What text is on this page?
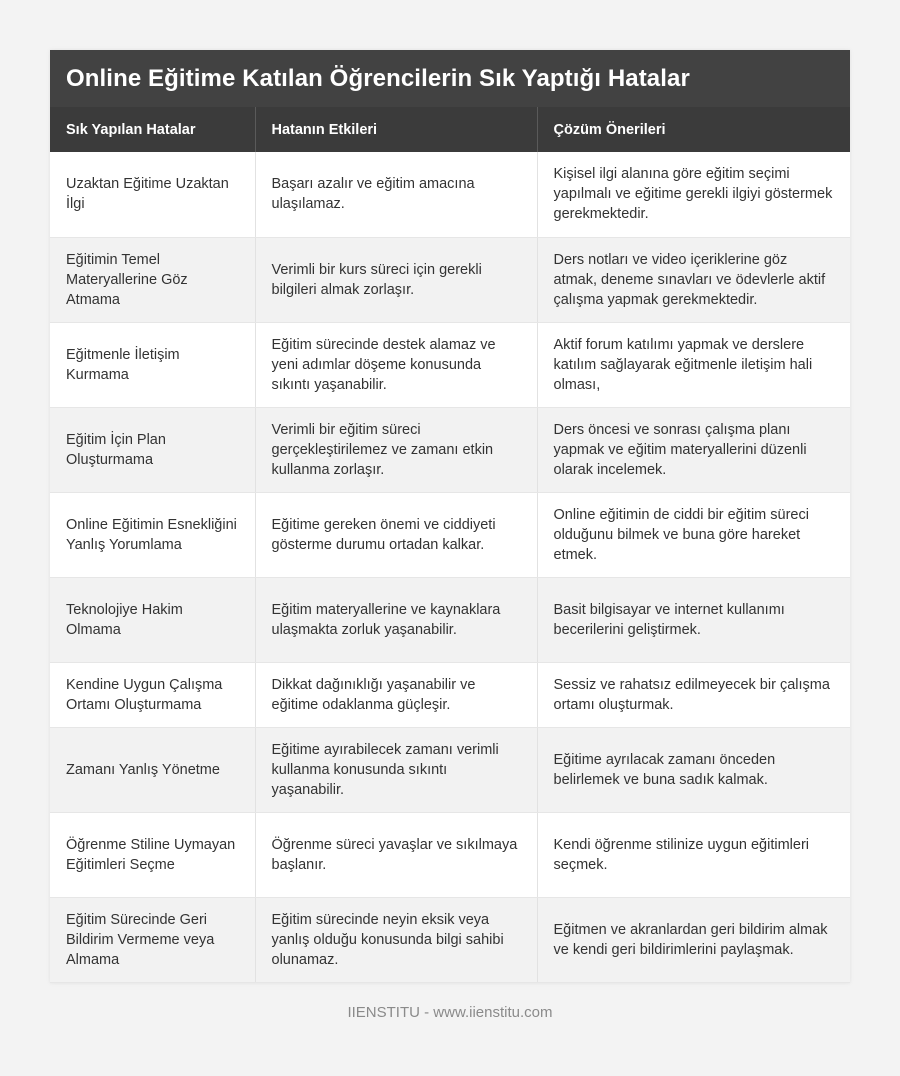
Online Eğitime Katılan Öğrencilerin Sık Yaptığı Hatalar
Sık Yapılan Hatalar	Hatanın Etkileri	Çözüm Önerileri
Uzaktan Eğitime Uzaktan İlgi	Başarı azalır ve eğitim amacına ulaşılamaz.	Kişisel ilgi alanına göre eğitim seçimi yapılmalı ve eğitime gerekli ilgiyi göstermek gerekmektedir.
Eğitimin Temel Materyallerine Göz Atmama	Verimli bir kurs süreci için gerekli bilgileri almak zorlaşır.	Ders notları ve video içeriklerine göz atmak, deneme sınavları ve ödevlerle aktif çalışma yapmak gerekmektedir.
Eğitmenle İletişim Kurmama	Eğitim sürecinde destek alamaz ve yeni adımlar döşeme konusunda sıkıntı yaşanabilir.	Aktif forum katılımı yapmak ve derslere katılım sağlayarak eğitmenle iletişim hali olması,
Eğitim İçin Plan Oluşturmama	Verimli bir eğitim süreci gerçekleştirilemez ve zamanı etkin kullanma zorlaşır.	Ders öncesi ve sonrası çalışma planı yapmak ve eğitim materyallerini düzenli olarak incelemek.
Online Eğitimin Esnekliğini Yanlış Yorumlama	Eğitime gereken önemi ve ciddiyeti gösterme durumu ortadan kalkar.	Online eğitimin de ciddi bir eğitim süreci olduğunu bilmek ve buna göre hareket etmek.
Teknolojiye Hakim Olmama	Eğitim materyallerine ve kaynaklara ulaşmakta zorluk yaşanabilir.	Basit bilgisayar ve internet kullanımı becerilerini geliştirmek.
Kendine Uygun Çalışma Ortamı Oluşturmama	Dikkat dağınıklığı yaşanabilir ve eğitime odaklanma güçleşir.	Sessiz ve rahatsız edilmeyecek bir çalışma ortamı oluşturmak.
Zamanı Yanlış Yönetme	Eğitime ayırabilecek zamanı verimli kullanma konusunda sıkıntı yaşanabilir.	Eğitime ayrılacak zamanı önceden belirlemek ve buna sadık kalmak.
Öğrenme Stiline Uymayan Eğitimleri Seçme	Öğrenme süreci yavaşlar ve sıkılmaya başlanır.	Kendi öğrenme stilinize uygun eğitimleri seçmek.
Eğitim Sürecinde Geri Bildirim Vermeme veya Almama	Eğitim sürecinde neyin eksik veya yanlış olduğu konusunda bilgi sahibi olunamaz.	Eğitmen ve akranlardan geri bildirim almak ve kendi geri bildirimlerini paylaşmak.
IIENSTITU - www.iienstitu.com
